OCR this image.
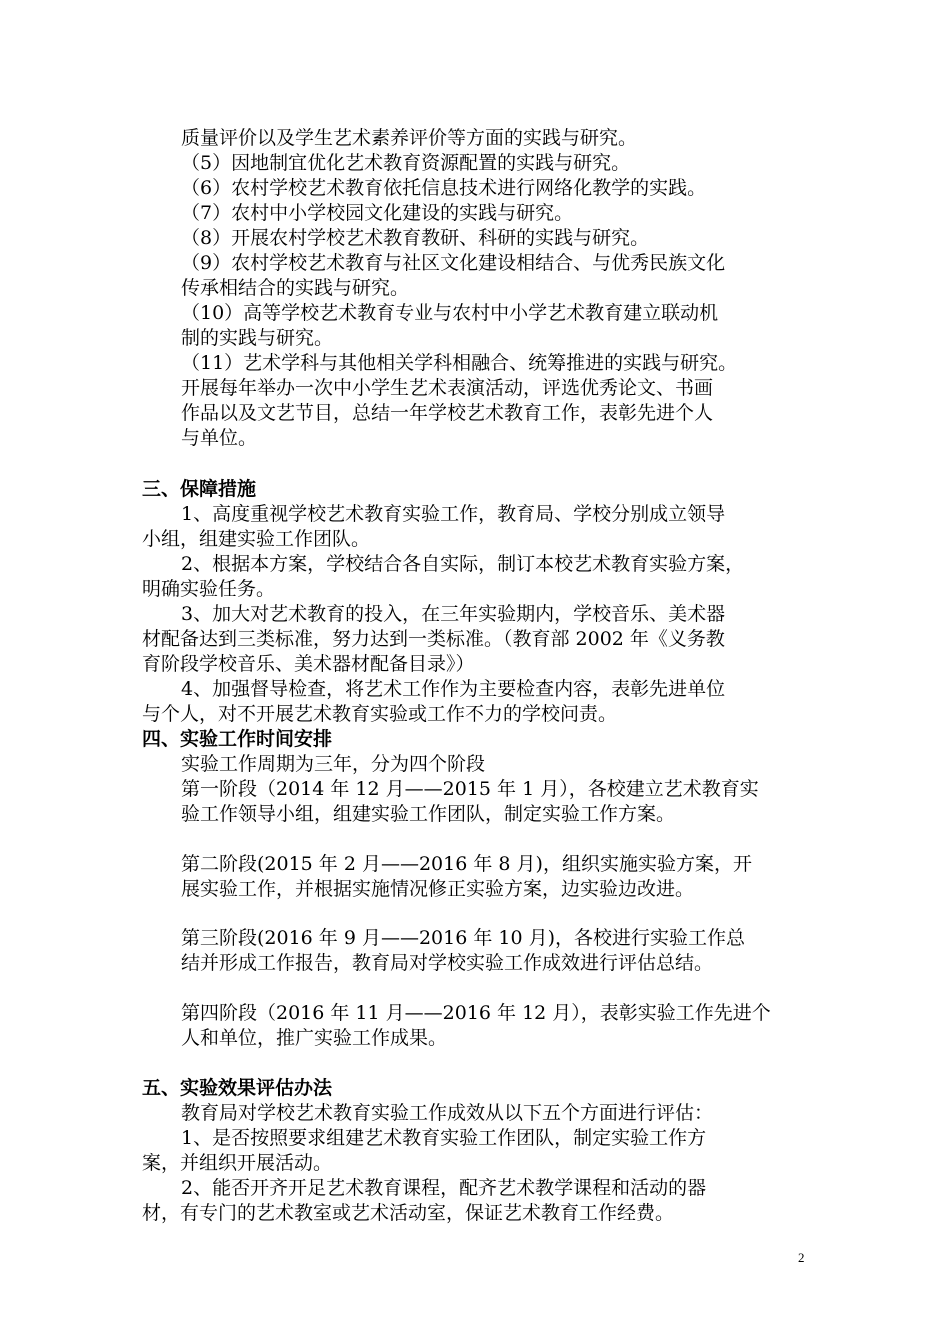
质量评价以及学生艺术素养评价等方面的实践与研究。
（5）因地制宜优化艺术教育资源配置的实践与研究。
（6）农村学校艺术教育依托信息技术进行网络化教学的实践。
（7）农村中小学校园文化建设的实践与研究。
（8）开展农村学校艺术教育教研、科研的实践与研究。
（9）农村学校艺术教育与社区文化建设相结合、与优秀民族文化
传承相结合的实践与研究。
（10）高等学校艺术教育专业与农村中小学艺术教育建立联动机
制的实践与研究。
（11）艺术学科与其他相关学科相融合、统筹推进的实践与研究。
开展每年举办一次中小学生艺术表演活动，评选优秀论文、书画
作品以及文艺节目，总结一年学校艺术教育工作，表彰先进个人
与单位。
三、保障措施
1、高度重视学校艺术教育实验工作，教育局、学校分别成立领导
小组，组建实验工作团队。
2、根据本方案，学校结合各自实际，制订本校艺术教育实验方案，
明确实验任务。
3、加大对艺术教育的投入，在三年实验期内，学校音乐、美术器
材配备达到三类标准，努力达到一类标准。（教育部 2002 年《义务教
育阶段学校音乐、美术器材配备目录》）
4、加强督导检查，将艺术工作作为主要检查内容，表彰先进单位
与个人，对不开展艺术教育实验或工作不力的学校问责。
四、实验工作时间安排
实验工作周期为三年，分为四个阶段
第一阶段（2014 年 12 月——2015 年 1 月），各校建立艺术教育实
验工作领导小组，组建实验工作团队，制定实验工作方案。
第二阶段(2015 年 2 月——2016 年 8 月)，组织实施实验方案，开
展实验工作，并根据实施情况修正实验方案，边实验边改进。
第三阶段(2016 年 9 月——2016 年 10 月)，各校进行实验工作总
结并形成工作报告，教育局对学校实验工作成效进行评估总结。
第四阶段（2016 年 11 月——2016 年 12 月），表彰实验工作先进个
人和单位，推广实验工作成果。
五、实验效果评估办法
教育局对学校艺术教育实验工作成效从以下五个方面进行评估：
1、是否按照要求组建艺术教育实验工作团队，制定实验工作方
案，并组织开展活动。
2、能否开齐开足艺术教育课程，配齐艺术教学课程和活动的器
材，有专门的艺术教室或艺术活动室，保证艺术教育工作经费。
2
